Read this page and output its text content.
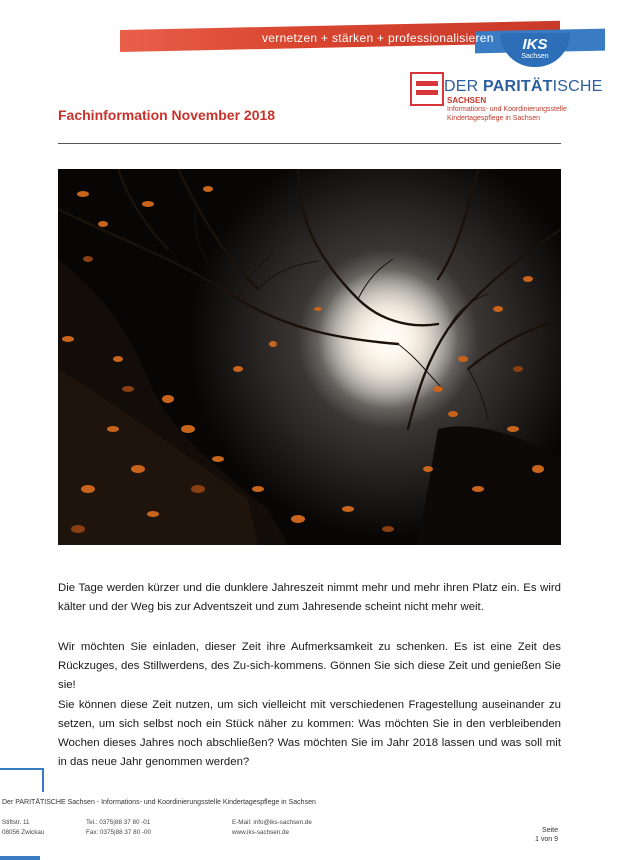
vernetzen + stärken + professionalisieren	IKS
Sachsen
DER PARITÄTISCHE
SACHSEN
Informations- und Koordinierungsstelle
Kindertagespflege in Sachsen
Fachinformation November 2018

Die Tage werden kürzer und die dunklere Jahreszeit nimmt mehr und mehr ihren Platz ein. Es wird kälter und der Weg bis zur Adventszeit und zum Jahresende scheint nicht mehr weit.

Wir möchten Sie einladen, dieser Zeit ihre Aufmerksamkeit zu schenken. Es ist eine Zeit des Rückzuges, des Stillwerdens, des Zu-sich-kommens. Gönnen Sie sich diese Zeit und genießen Sie sie!

Sie können diese Zeit nutzen, um sich vielleicht mit verschiedenen Fragestellung auseinander zu setzen, um sich selbst noch ein Stück näher zu kommen: Was möchten Sie in den verbleibenden Wochen dieses Jahres noch abschließen? Was möchten Sie im Jahr 2018 lassen und was soll mit in das neue Jahr genommen werden?

Der PARITÄTISCHE Sachsen - Informations- und Koordinierungsstelle Kindertagespflege in Sachsen
Stiftstr. 11
08056 Zwickau
Tel.: 0375|88 37 80 -01
Fax: 0375|88 37 80 -00
E-Mail: info@iks-sachsen.de
www.iks-sachsen.de	Seite
1 von 9
